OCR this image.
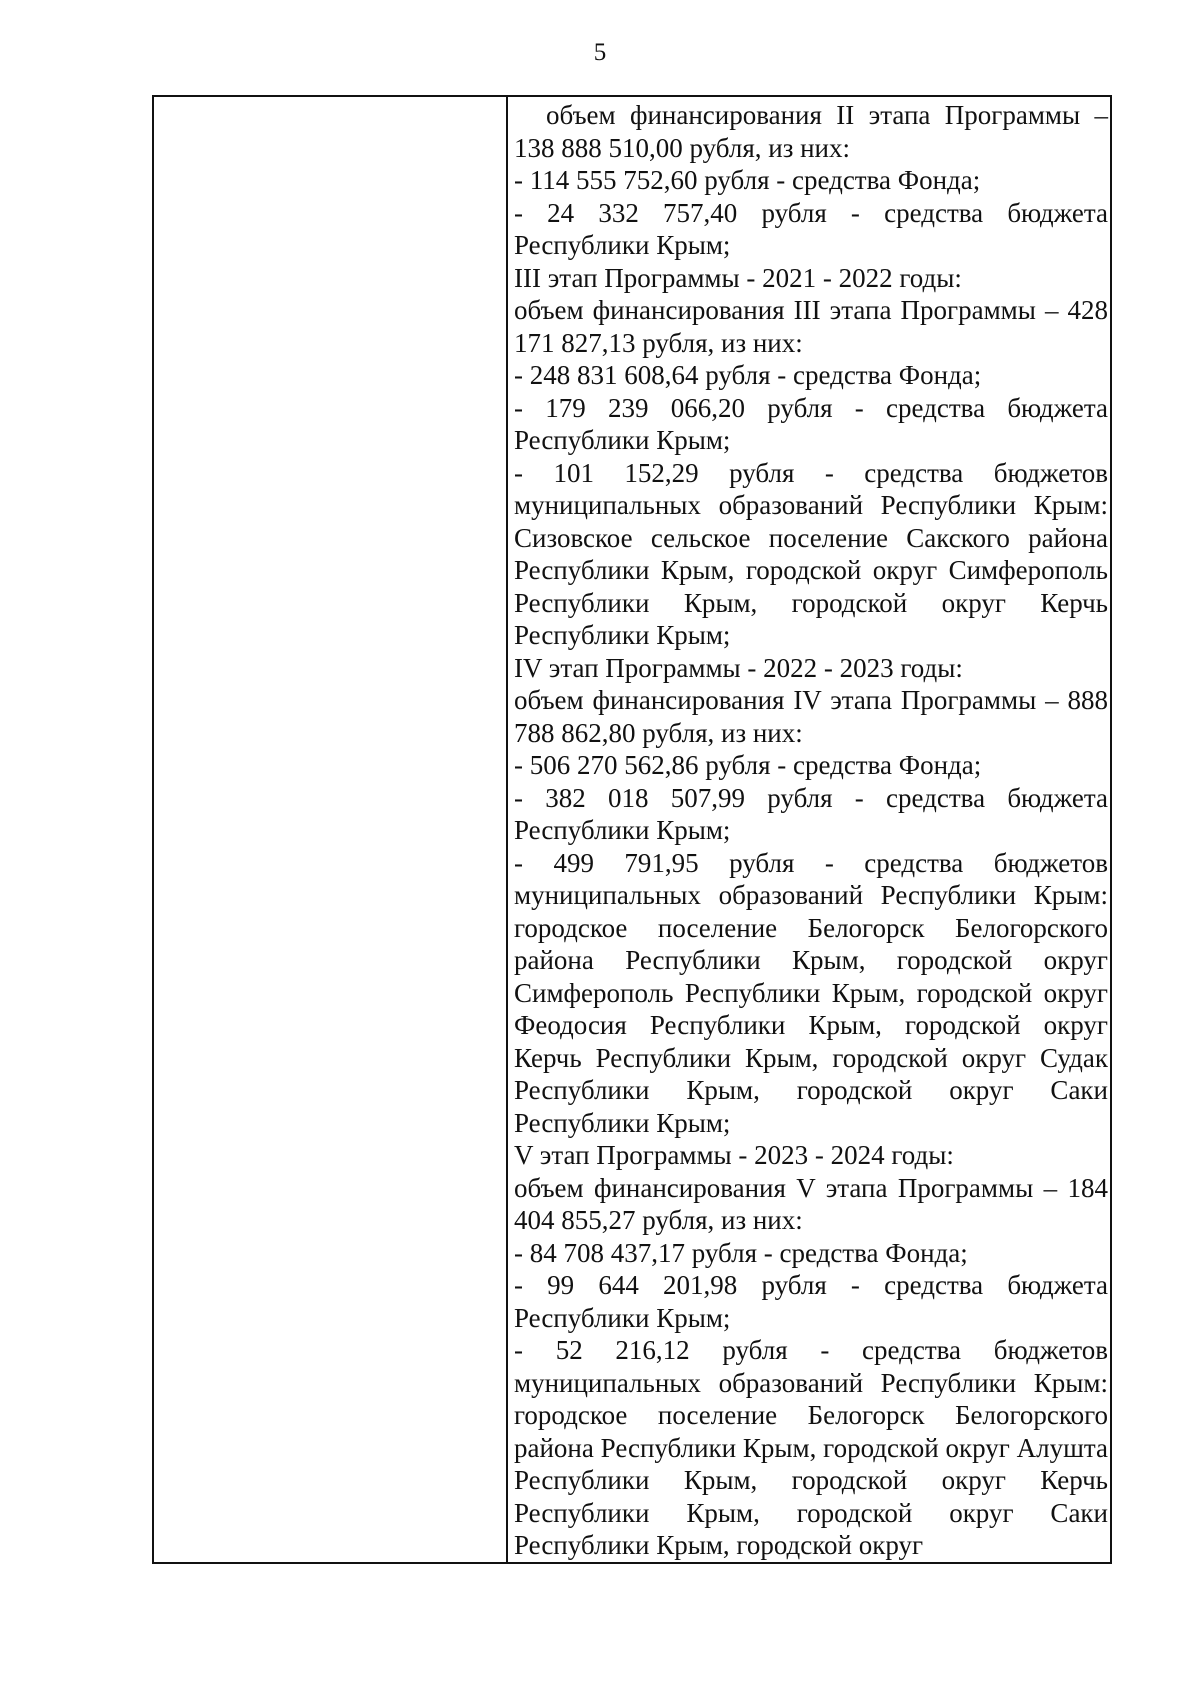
5

объем финансирования II этапа Программы – 138 888 510,00 рубля, из них:
- 114 555 752,60 рубля - средства Фонда;
- 24 332 757,40 рубля - средства бюджета Республики Крым;
III этап Программы - 2021 - 2022 годы:
объем финансирования III этапа Программы – 428 171 827,13 рубля, из них:
- 248 831 608,64 рубля - средства Фонда;
- 179 239 066,20 рубля - средства бюджета Республики Крым;
- 101 152,29 рубля - средства бюджетов муниципальных образований Республики Крым: Сизовское сельское поселение Сакского района Республики Крым, городской округ Симферополь Республики Крым, городской округ Керчь Республики Крым;
IV этап Программы - 2022 - 2023 годы:
объем финансирования IV этапа Программы – 888 788 862,80 рубля, из них:
- 506 270 562,86 рубля - средства Фонда;
- 382 018 507,99 рубля - средства бюджета Республики Крым;
- 499 791,95 рубля - средства бюджетов муниципальных образований Республики Крым: городское поселение Белогорск Белогорского района Республики Крым, городской округ Симферополь Республики Крым, городской округ Феодосия Республики Крым, городской округ Керчь Республики Крым, городской округ Судак Республики Крым, городской округ Саки Республики Крым;
V этап Программы - 2023 - 2024 годы:
объем финансирования V этапа Программы – 184 404 855,27 рубля, из них:
- 84 708 437,17 рубля - средства Фонда;
- 99 644 201,98 рубля - средства бюджета Республики Крым;
- 52 216,12 рубля - средства бюджетов муниципальных образований Республики Крым: городское поселение Белогорск Белогорского района Республики Крым, городской округ Алушта Республики Крым, городской округ Керчь Республики Крым, городской округ Саки Республики Крым, городской округ
